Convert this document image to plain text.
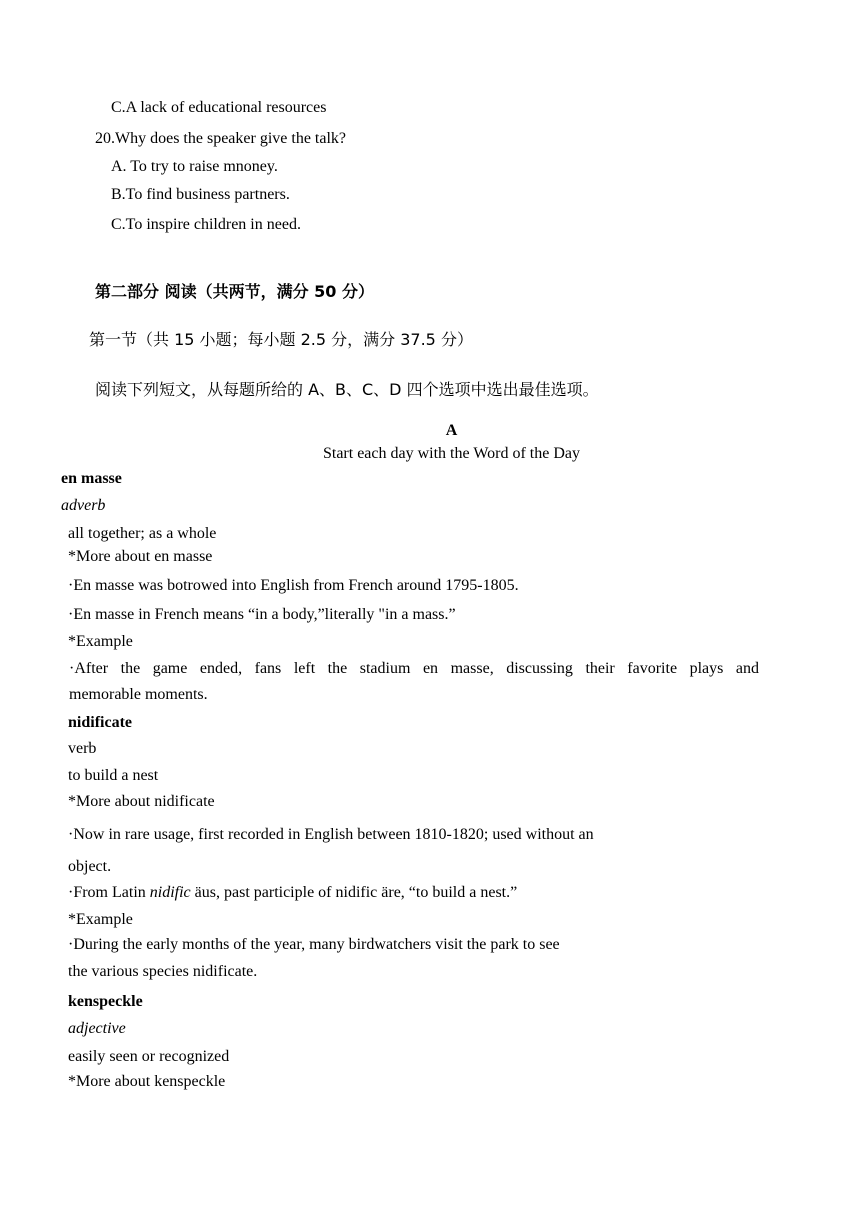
C.A lack of educational resources
20.Why does the speaker give the talk?
A. To try to raise mnoney.
B.To find business partners.
C.To inspire children in need.
第二部分 阅读（共两节，满分 50 分）
第一节（共 15 小题；每小题 2.5 分，满分 37.5 分）
阅读下列短文，从每题所给的 A、B、C、D 四个选项中选出最佳选项。
A
Start each day with the Word of the Day
en masse
adverb
all together; as a whole
*More about en masse
·En masse was botrowed into English from French around 1795-1805.
·En masse in French means “in a body,”literally "in a mass.”
*Example
·After the game ended, fans left the stadium en masse, discussing their favorite plays and
memorable moments.
nidificate
verb
to build a nest
*More about nidificate
·Now in rare usage, first recorded in English between 1810-1820; used without an
object.
·From Latin nidific äus, past participle of nidific äre, “to build a nest.”
*Example
·During the early months of the year, many birdwatchers visit the park to see
the various species nidificate.
kenspeckle
adjective
easily seen or recognized
*More about kenspeckle
